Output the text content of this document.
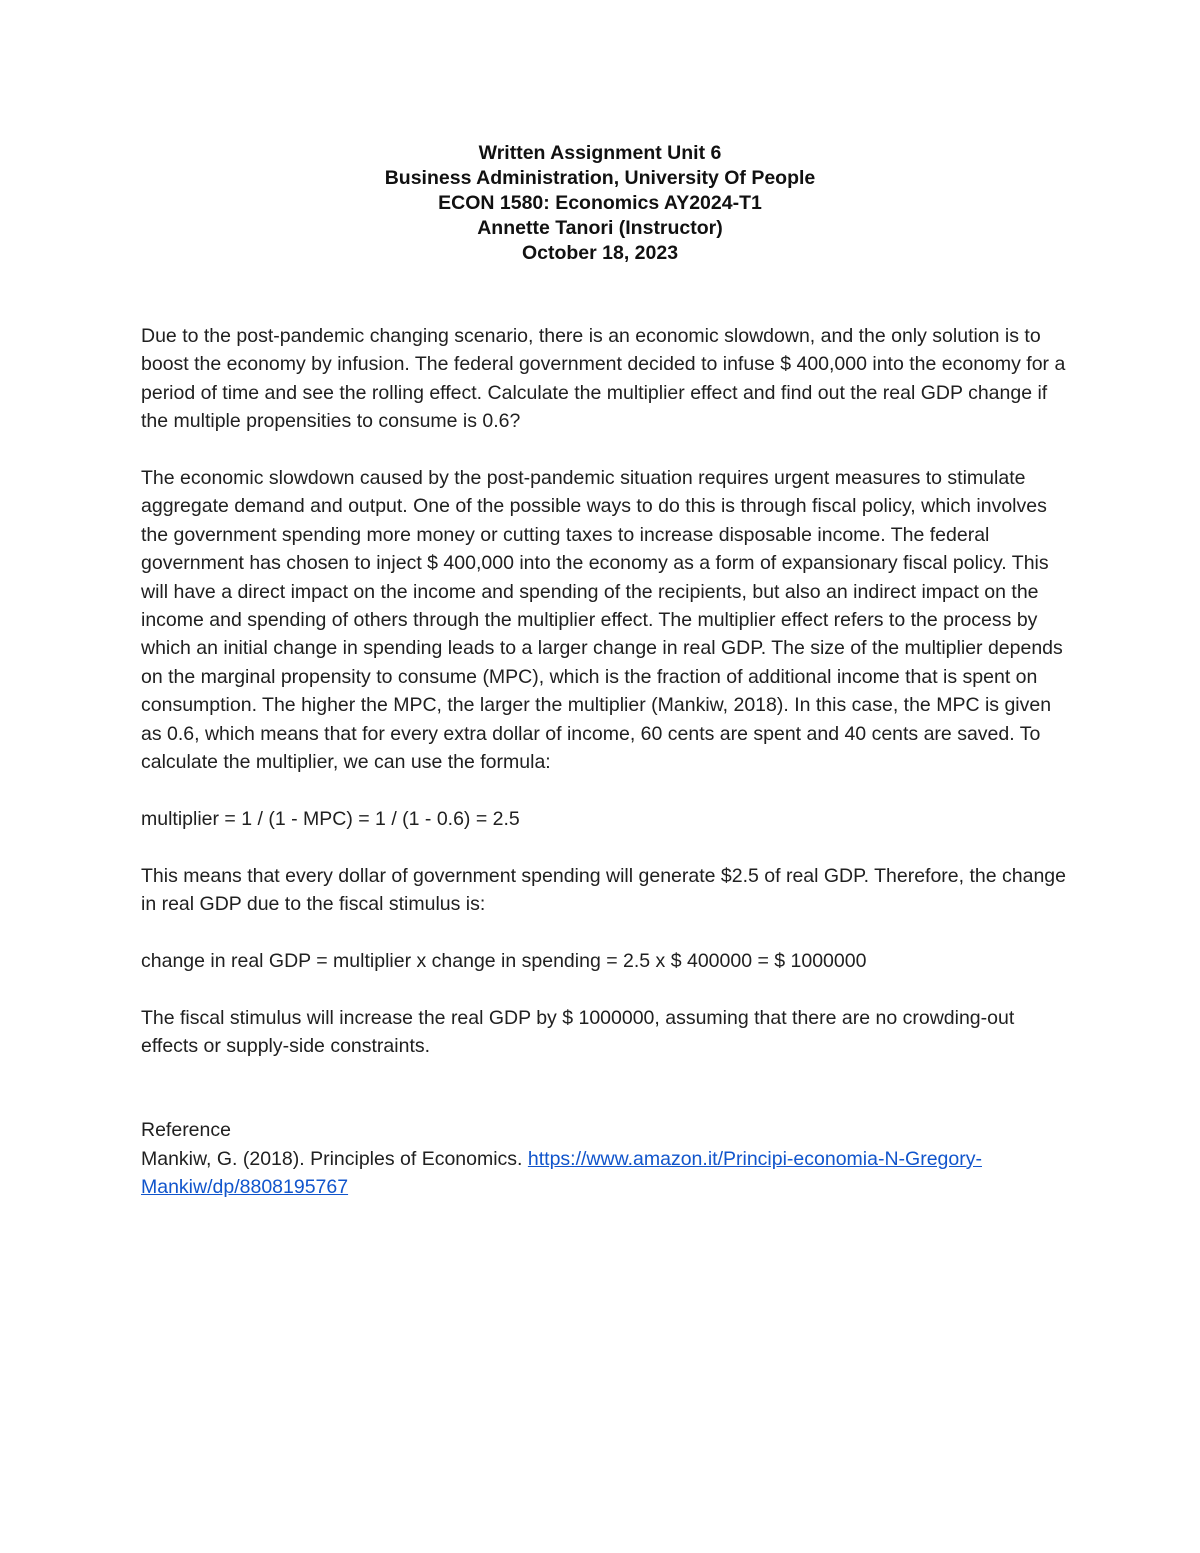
Written Assignment Unit 6
Business Administration, University Of People
ECON 1580: Economics AY2024-T1
Annette Tanori (Instructor)
October 18, 2023

Due to the post-pandemic changing scenario, there is an economic slowdown, and the only solution is to boost the economy by infusion. The federal government decided to infuse $ 400,000 into the economy for a period of time and see the rolling effect. Calculate the multiplier effect and find out the real GDP change if the multiple propensities to consume is 0.6?

The economic slowdown caused by the post-pandemic situation requires urgent measures to stimulate aggregate demand and output. One of the possible ways to do this is through fiscal policy, which involves the government spending more money or cutting taxes to increase disposable income. The federal government has chosen to inject $ 400,000 into the economy as a form of expansionary fiscal policy. This will have a direct impact on the income and spending of the recipients, but also an indirect impact on the income and spending of others through the multiplier effect. The multiplier effect refers to the process by which an initial change in spending leads to a larger change in real GDP. The size of the multiplier depends on the marginal propensity to consume (MPC), which is the fraction of additional income that is spent on consumption. The higher the MPC, the larger the multiplier (Mankiw, 2018). In this case, the MPC is given as 0.6, which means that for every extra dollar of income, 60 cents are spent and 40 cents are saved. To calculate the multiplier, we can use the formula:

multiplier = 1 / (1 - MPC) = 1 / (1 - 0.6) = 2.5

This means that every dollar of government spending will generate $2.5 of real GDP. Therefore, the change in real GDP due to the fiscal stimulus is:

change in real GDP = multiplier x change in spending = 2.5 x $ 400000 = $ 1000000

The fiscal stimulus will increase the real GDP by $ 1000000, assuming that there are no crowding-out effects or supply-side constraints.

Reference
Mankiw, G. (2018). Principles of Economics. https://www.amazon.it/Principi-economia-N-Gregory-Mankiw/dp/8808195767
